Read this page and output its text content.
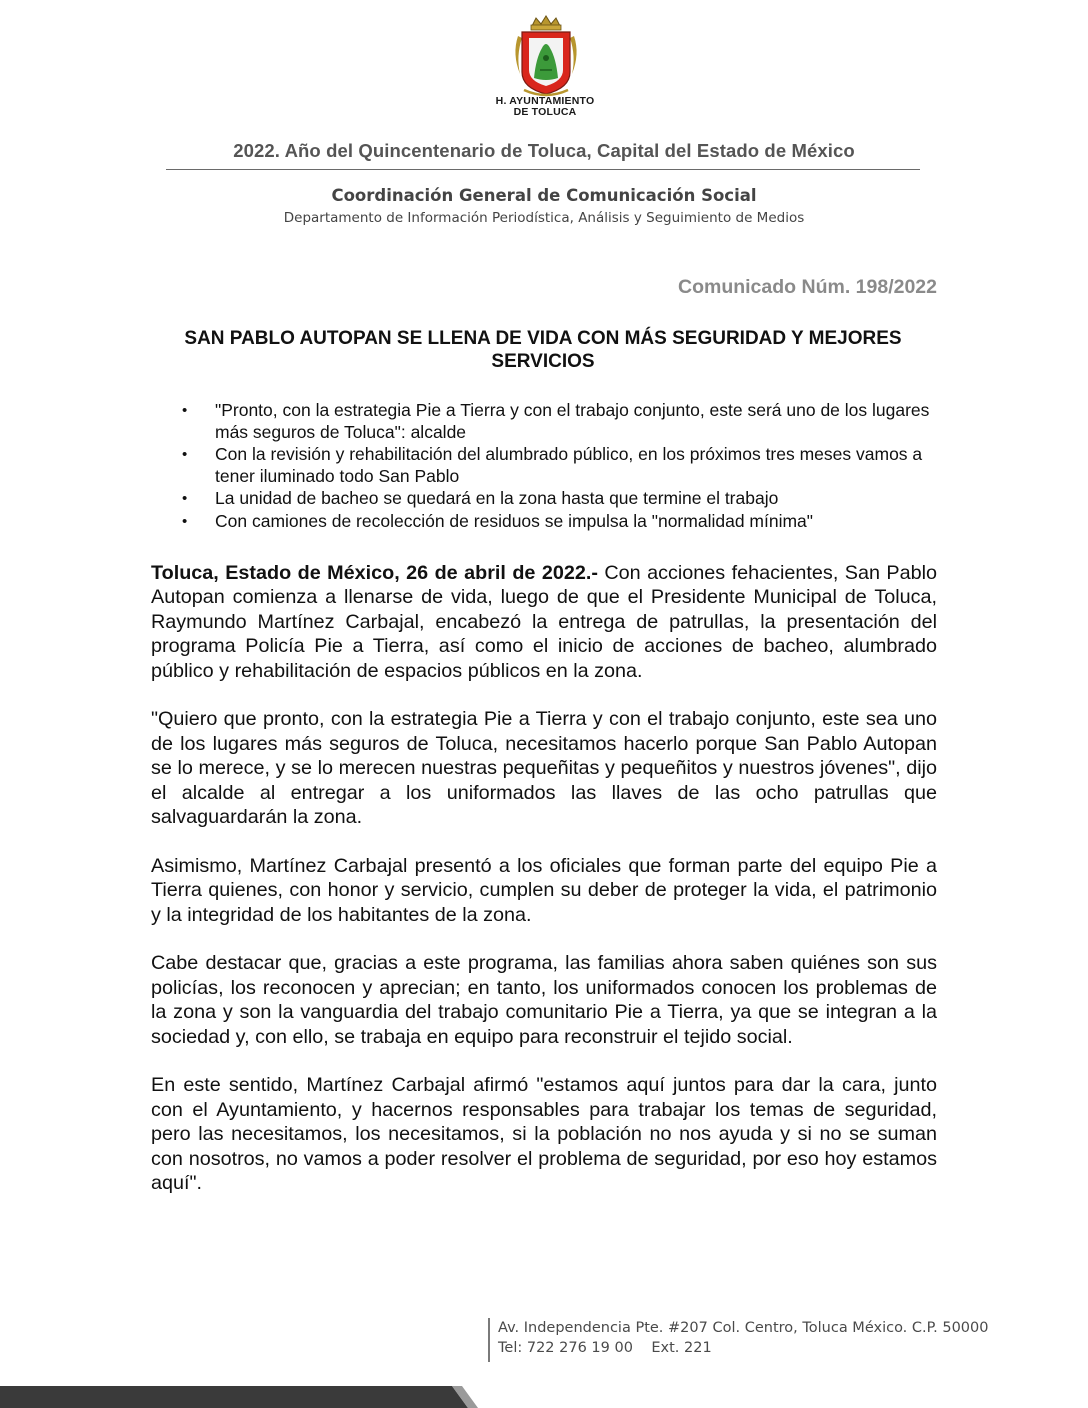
H. AYUNTAMIENTO
DE TOLUCA
2022. Año del Quincentenario de Toluca, Capital del Estado de México
Coordinación General de Comunicación Social
Departamento de Información Periodística, Análisis y Seguimiento de Medios
Comunicado Núm. 198/2022
SAN PABLO AUTOPAN SE LLENA DE VIDA CON MÁS SEGURIDAD Y MEJORES SERVICIOS
• "Pronto, con la estrategia Pie a Tierra y con el trabajo conjunto, este será uno de los lugares más seguros de Toluca": alcalde
• Con la revisión y rehabilitación del alumbrado público, en los próximos tres meses vamos a tener iluminado todo San Pablo
• La unidad de bacheo se quedará en la zona hasta que termine el trabajo
• Con camiones de recolección de residuos se impulsa la "normalidad mínima"

Toluca, Estado de México, 26 de abril de 2022.- Con acciones fehacientes, San Pablo Autopan comienza a llenarse de vida, luego de que el Presidente Municipal de Toluca, Raymundo Martínez Carbajal, encabezó la entrega de patrullas, la presentación del programa Policía Pie a Tierra, así como el inicio de acciones de bacheo, alumbrado público y rehabilitación de espacios públicos en la zona.

"Quiero que pronto, con la estrategia Pie a Tierra y con el trabajo conjunto, este sea uno de los lugares más seguros de Toluca, necesitamos hacerlo porque San Pablo Autopan se lo merece, y se lo merecen nuestras pequeñitas y pequeñitos y nuestros jóvenes", dijo el alcalde al entregar a los uniformados las llaves de las ocho patrullas que salvaguardarán la zona.

Asimismo, Martínez Carbajal presentó a los oficiales que forman parte del equipo Pie a Tierra quienes, con honor y servicio, cumplen su deber de proteger la vida, el patrimonio y la integridad de los habitantes de la zona.

Cabe destacar que, gracias a este programa, las familias ahora saben quiénes son sus policías, los reconocen y aprecian; en tanto, los uniformados conocen los problemas de la zona y son la vanguardia del trabajo comunitario Pie a Tierra, ya que se integran a la sociedad y, con ello, se trabaja en equipo para reconstruir el tejido social.

En este sentido, Martínez Carbajal afirmó "estamos aquí juntos para dar la cara, junto con el Ayuntamiento, y hacernos responsables para trabajar los temas de seguridad, pero las necesitamos, los necesitamos, si la población no nos ayuda y si no se suman con nosotros, no vamos a poder resolver el problema de seguridad, por eso hoy estamos aquí".

Av. Independencia Pte. #207 Col. Centro, Toluca México. C.P. 50000
Tel: 722 276 19 00    Ext. 221
